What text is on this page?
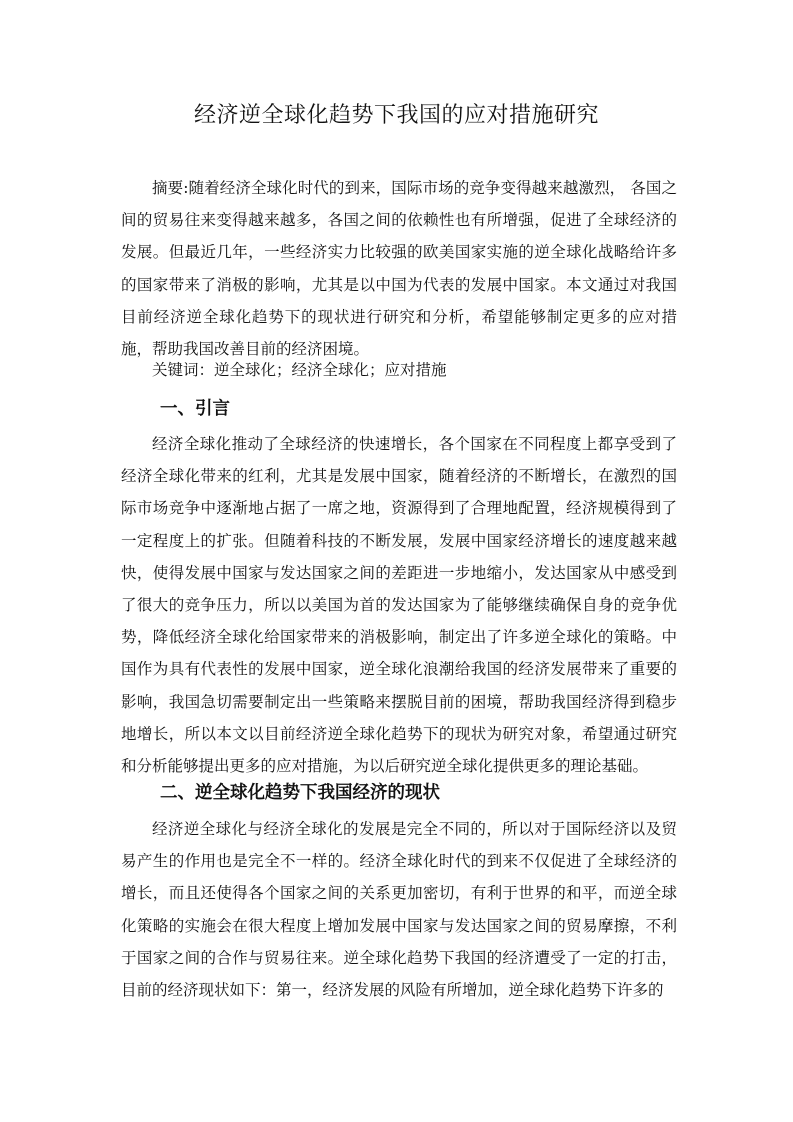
经济逆全球化趋势下我国的应对措施研究

摘要:随着经济全球化时代的到来，国际市场的竞争变得越来越激烈， 各国之间的贸易往来变得越来越多，各国之间的依赖性也有所增强，促进了全球经济的发展。但最近几年，一些经济实力比较强的欧美国家实施的逆全球化战略给许多的国家带来了消极的影响，尤其是以中国为代表的发展中国家。本文通过对我国目前经济逆全球化趋势下的现状进行研究和分析，希望能够制定更多的应对措施，帮助我国改善目前的经济困境。

关键词：逆全球化；经济全球化；应对措施
一、引言

经济全球化推动了全球经济的快速增长，各个国家在不同程度上都享受到了经济全球化带来的红利，尤其是发展中国家，随着经济的不断增长，在激烈的国际市场竞争中逐渐地占据了一席之地，资源得到了合理地配置，经济规模得到了一定程度上的扩张。但随着科技的不断发展，发展中国家经济增长的速度越来越快，使得发展中国家与发达国家之间的差距进一步地缩小，发达国家从中感受到了很大的竞争压力，所以以美国为首的发达国家为了能够继续确保自身的竞争优势，降低经济全球化给国家带来的消极影响，制定出了许多逆全球化的策略。中国作为具有代表性的发展中国家，逆全球化浪潮给我国的经济发展带来了重要的影响，我国急切需要制定出一些策略来摆脱目前的困境，帮助我国经济得到稳步地增长，所以本文以目前经济逆全球化趋势下的现状为研究对象，希望通过研究和分析能够提出更多的应对措施，为以后研究逆全球化提供更多的理论基础。

二、逆全球化趋势下我国经济的现状

经济逆全球化与经济全球化的发展是完全不同的，所以对于国际经济以及贸易产生的作用也是完全不一样的。经济全球化时代的到来不仅促进了全球经济的增长，而且还使得各个国家之间的关系更加密切，有利于世界的和平，而逆全球化策略的实施会在很大程度上增加发展中国家与发达国家之间的贸易摩擦，不利于国家之间的合作与贸易往来。逆全球化趋势下我国的经济遭受了一定的打击，目前的经济现状如下：第一，经济发展的风险有所增加，逆全球化趋势下许多的
